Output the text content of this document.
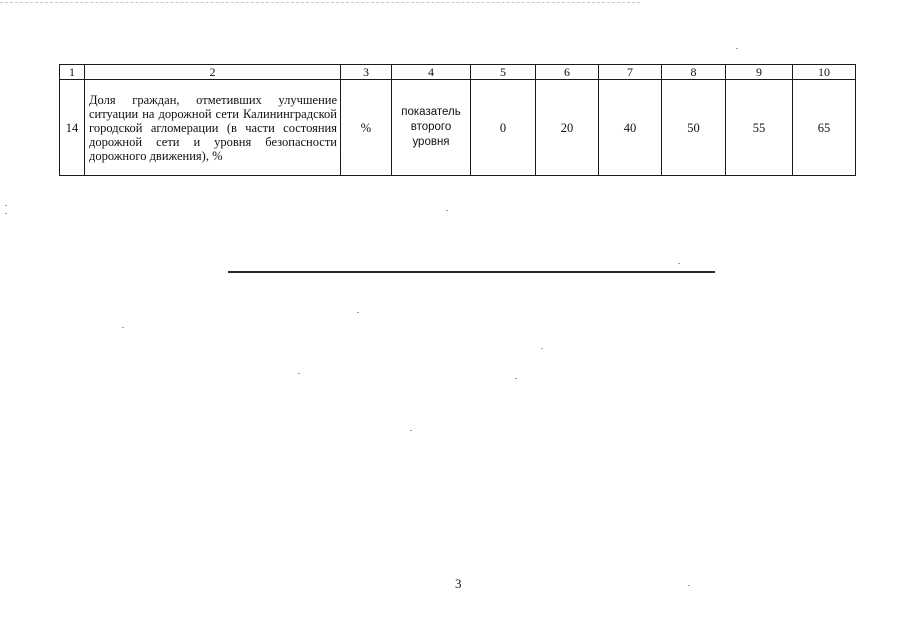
1	2	3	4	5	6	7	8	9	10
14	Доля граждан, отметивших улучшение ситуации на дорожной сети Калининградской городской агломерации (в части состояния дорожной сети и уровня безопасности дорожного движения), %	%	показатель второго уровня	0	20	40	50	55	65
3
